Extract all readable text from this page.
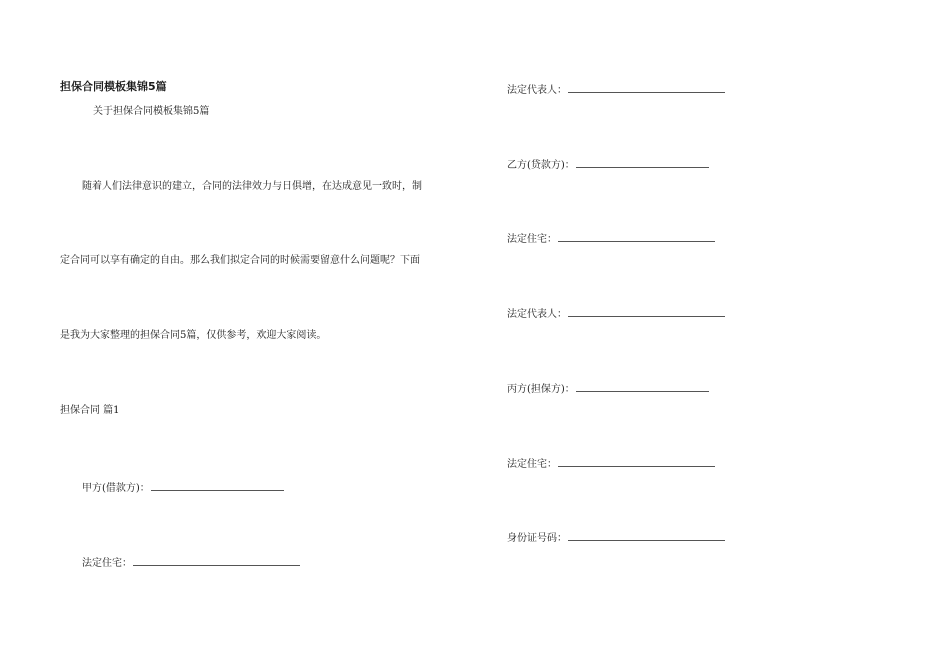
担保合同模板集锦5篇
关于担保合同模板集锦5篇
随着人们法律意识的建立，合同的法律效力与日俱增，在达成意见一致时，制
定合同可以享有确定的自由。那么我们拟定合同的时候需要留意什么问题呢？下面
是我为大家整理的担保合同5篇，仅供参考，欢迎大家阅读。
担保合同 篇1
甲方(借款方)：
法定住宅：
法定代表人：
乙方(贷款方)：
法定住宅：
法定代表人：
丙方(担保方)：
法定住宅：
身份证号码：
